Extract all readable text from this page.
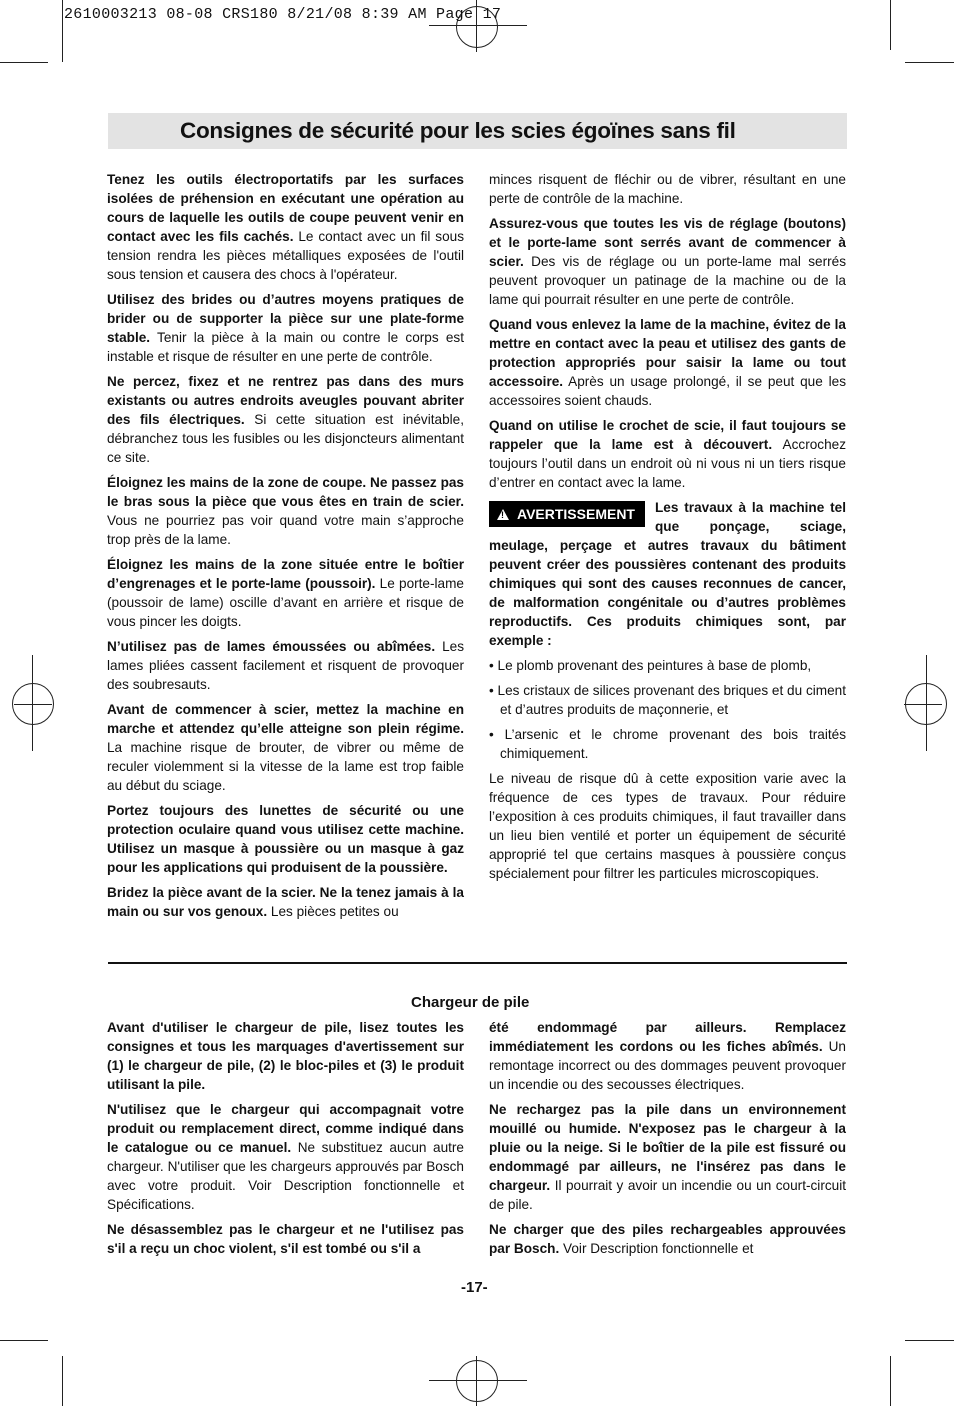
2610003213 08-08 CRS180 8/21/08 8:39 AM Page 17
Consignes de sécurité pour les scies égoïnes sans fil

Tenez les outils électroportatifs par les surfaces isolées de préhension en exécutant une opération au cours de laquelle les outils de coupe peuvent venir en contact avec les fils cachés. Le contact avec un fil sous tension rendra les pièces métalliques exposées de l'outil sous tension et causera des chocs à l'opérateur.

Utilisez des brides ou d’autres moyens pratiques de brider ou de supporter la pièce sur une plate-forme stable. Tenir la pièce à la main ou contre le corps est instable et risque de résulter en une perte de contrôle.

Ne percez, fixez et ne rentrez pas dans des murs existants ou autres endroits aveugles pouvant abriter des fils électriques. Si cette situation est inévitable, débranchez tous les fusibles ou les disjoncteurs alimentant ce site.

Éloignez les mains de la zone de coupe. Ne passez pas le bras sous la pièce que vous êtes en train de scier. Vous ne pourriez pas voir quand votre main s’approche trop près de la lame.

Éloignez les mains de la zone située entre le boîtier d’engrenages et le porte-lame (poussoir). Le porte-lame (poussoir de lame) oscille d’avant en arrière et risque de vous pincer les doigts.

N’utilisez pas de lames émoussées ou abîmées. Les lames pliées cassent facilement et risquent de provoquer des soubresauts.

Avant de commencer à scier, mettez la machine en marche et attendez qu’elle atteigne son plein régime. La machine risque de brouter, de vibrer ou même de reculer violemment si la vitesse de la lame est trop faible au début du sciage.

Portez toujours des lunettes de sécurité ou une protection oculaire quand vous utilisez cette machine. Utilisez un masque à poussière ou un masque à gaz pour les applications qui produisent de la poussière.

Bridez la pièce avant de la scier. Ne la tenez jamais à la main ou sur vos genoux. Les pièces petites ou

minces risquent de fléchir ou de vibrer, résultant en une perte de contrôle de la machine.

Assurez-vous que toutes les vis de réglage (boutons) et le porte-lame sont serrés avant de commencer à scier. Des vis de réglage ou un porte-lame mal serrés peuvent provoquer un patinage de la machine ou de la lame qui pourrait résulter en une perte de contrôle.

Quand vous enlevez la lame de la machine, évitez de la mettre en contact avec la peau et utilisez des gants de protection appropriés pour saisir la lame ou tout accessoire. Après un usage prolongé, il se peut que les accessoires soient chauds.

Quand on utilise le crochet de scie, il faut toujours se rappeler que la lame est à découvert. Accrochez toujours l’outil dans un endroit où ni vous ni un tiers risque d’entrer en contact avec la lame.

!AVERTISSEMENT	Les travaux à la machine tel que ponçage, sciage, meulage, perçage et autres travaux du bâtiment peuvent créer des poussières contenant des produits chimiques qui sont des causes reconnues de cancer, de malformation congénitale ou d’autres problèmes reproductifs. Ces produits chimiques sont, par exemple :

• Le plomb provenant des peintures à base de plomb,

• Les cristaux de silices provenant des briques et du ciment et d’autres produits de maçonnerie, et

• L’arsenic et le chrome provenant des bois traités chimiquement.

Le niveau de risque dû à cette exposition varie avec la fréquence de ces types de travaux. Pour réduire l’exposition à ces produits chimiques, il faut travailler dans un lieu bien ventilé et porter un équipement de sécurité approprié tel que certains masques à poussière conçus spécialement pour filtrer les particules microscopiques.

Chargeur de pile

Avant d'utiliser le chargeur de pile, lisez toutes les consignes et tous les marquages d'avertissement sur (1) le chargeur de pile, (2) le bloc-piles et (3) le produit utilisant la pile.

N'utilisez que le chargeur qui accompagnait votre produit ou remplacement direct, comme indiqué dans le catalogue ou ce manuel. Ne substituez aucun autre chargeur. N'utiliser que les chargeurs approuvés par Bosch avec votre produit. Voir Description fonctionnelle et Spécifications.

Ne désassemblez pas le chargeur et ne l'utilisez pas s'il a reçu un choc violent, s'il est tombé ou s'il a

été endommagé par ailleurs. Remplacez immédiatement les cordons ou les fiches abîmés. Un remontage incorrect ou des dommages peuvent provoquer un incendie ou des secousses électriques.

Ne rechargez pas la pile dans un environnement mouillé ou humide. N'exposez pas le chargeur à la pluie ou la neige. Si le boîtier de la pile est fissuré ou endommagé par ailleurs, ne l'insérez pas dans le chargeur. Il pourrait y avoir un incendie ou un court-circuit de pile.

Ne charger que des piles rechargeables approuvées par Bosch. Voir Description fonctionnelle et

-17-
